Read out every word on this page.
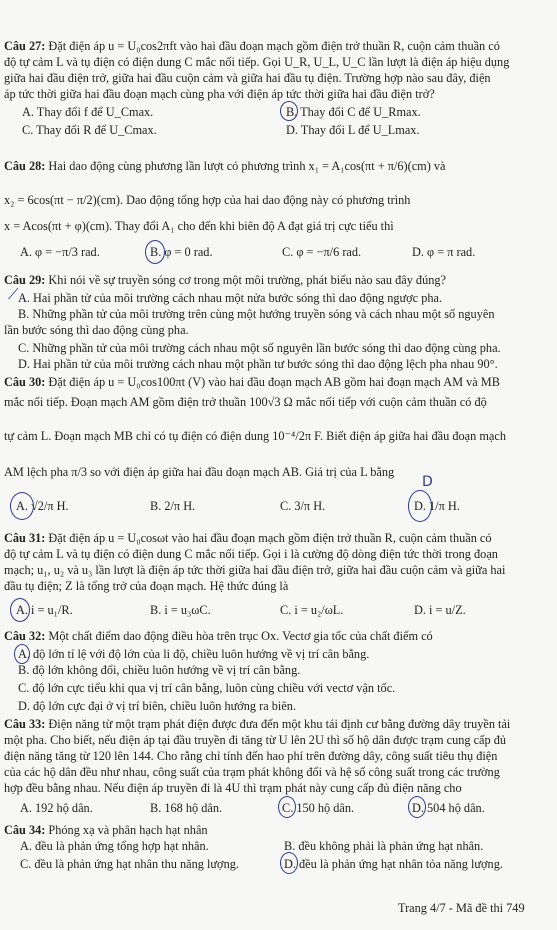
Câu 27: Đặt điện áp u = U₀cos2πft vào hai đầu đoạn mạch gồm điện trở thuần R, cuộn cảm thuần có
độ tự cảm L và tụ điện có điện dung C mắc nối tiếp. Gọi U_R, U_L, U_C lần lượt là điện áp hiệu dụng
giữa hai đầu điện trở, giữa hai đầu cuộn cảm và giữa hai đầu tụ điện. Trường hợp nào sau đây, điện
áp tức thời giữa hai đầu đoạn mạch cùng pha với điện áp tức thời giữa hai đầu điện trở?
A. Thay đổi f để U_Cmax.	B. Thay đổi C để U_Rmax.
C. Thay đổi R để U_Cmax.	D. Thay đổi L để U_Lmax.
Câu 28: Hai dao động cùng phương lần lượt có phương trình x₁ = A₁cos(πt + π/6)(cm) và
x₂ = 6cos(πt − π/2)(cm). Dao động tổng hợp của hai dao động này có phương trình
x = Acos(πt + φ)(cm). Thay đổi A₁ cho đến khi biên độ A đạt giá trị cực tiểu thì
A. φ = −π/3 rad.	B. φ = 0 rad.	C. φ = −π/6 rad.	D. φ = π rad.
Câu 29: Khi nói về sự truyền sóng cơ trong một môi trường, phát biểu nào sau đây đúng?
A. Hai phần tử của môi trường cách nhau một nửa bước sóng thì dao động ngược pha.
B. Những phần tử của môi trường trên cùng một hướng truyền sóng và cách nhau một số nguyên
lần bước sóng thì dao động cùng pha.
C. Những phần tử của môi trường cách nhau một số nguyên lần bước sóng thì dao động cùng pha.
D. Hai phần tử của môi trường cách nhau một phần tư bước sóng thì dao động lệch pha nhau 90°.
⟋
Câu 30: Đặt điện áp u = U₀cos100πt (V) vào hai đầu đoạn mạch AB gồm hai đoạn mạch AM và MB
mắc nối tiếp. Đoạn mạch AM gồm điện trở thuần 100√3 Ω mắc nối tiếp với cuộn cảm thuần có độ
tự cảm L. Đoạn mạch MB chỉ có tụ điện có điện dung 10⁻⁴/2π F. Biết điện áp giữa hai đầu đoạn mạch
AM lệch pha π/3 so với điện áp giữa hai đầu đoạn mạch AB. Giá trị của L bằng
A. √2/π H.	B. 2/π H.	C. 3/π H.	D. 1/π H.
D
Câu 31: Đặt điện áp u = U₀cosωt vào hai đầu đoạn mạch gồm điện trở thuần R, cuộn cảm thuần có
độ tự cảm L và tụ điện có điện dung C mắc nối tiếp. Gọi i là cường độ dòng điện tức thời trong đoạn
mạch; u₁, u₂ và u₃ lần lượt là điện áp tức thời giữa hai đầu điện trở, giữa hai đầu cuộn cảm và giữa hai
đầu tụ điện; Z là tổng trở của đoạn mạch. Hệ thức đúng là
A. i = u₁/R.	B. i = u₃ωC.	C. i = u₂/ωL.	D. i = u/Z.
Câu 32: Một chất điểm dao động điều hòa trên trục Ox. Vectơ gia tốc của chất điểm có
A. độ lớn tỉ lệ với độ lớn của li độ, chiều luôn hướng về vị trí cân bằng.
B. độ lớn không đổi, chiều luôn hướng về vị trí cân bằng.
C. độ lớn cực tiểu khi qua vị trí cân bằng, luôn cùng chiều với vectơ vận tốc.
D. độ lớn cực đại ở vị trí biên, chiều luôn hướng ra biên.
Câu 33: Điện năng từ một trạm phát điện được đưa đến một khu tái định cư bằng đường dây truyền tải
một pha. Cho biết, nếu điện áp tại đầu truyền đi tăng từ U lên 2U thì số hộ dân được trạm cung cấp đủ
điện năng tăng từ 120 lên 144. Cho rằng chỉ tính đến hao phí trên đường dây, công suất tiêu thụ điện
của các hộ dân đều như nhau, công suất của trạm phát không đổi và hệ số công suất trong các trường
hợp đều bằng nhau. Nếu điện áp truyền đi là 4U thì trạm phát này cung cấp đủ điện năng cho
A. 192 hộ dân.	B. 168 hộ dân.	C. 150 hộ dân.	D. 504 hộ dân.
Câu 34: Phóng xạ và phân hạch hạt nhân
A. đều là phản ứng tổng hợp hạt nhân.	B. đều không phải là phản ứng hạt nhân.
C. đều là phản ứng hạt nhân thu năng lượng.	D. đều là phản ứng hạt nhân tỏa năng lượng.
Trang 4/7 - Mã đề thi 749
